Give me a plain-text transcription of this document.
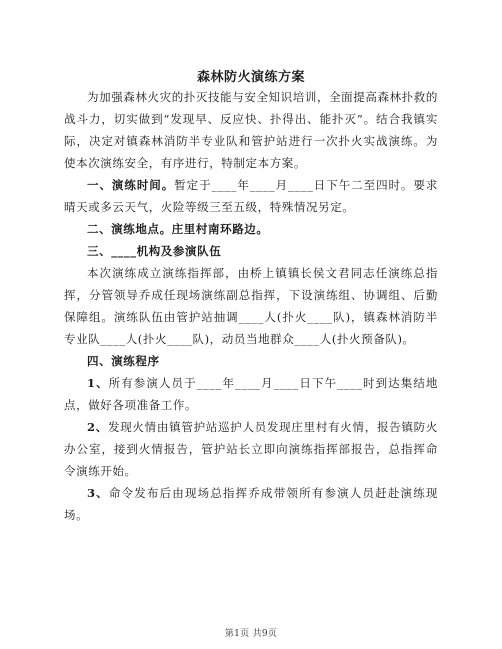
森林防火演练方案

为加强森林火灾的扑灭技能与安全知识培训，全面提高森林扑救的战斗力，切实做到“发现早、反应快、扑得出、能扑灭”。结合我镇实际，决定对镇森林消防半专业队和管护站进行一次扑火实战演练。为使本次演练安全，有序进行，特制定本方案。

一、演练时间。暂定于____年____月____日下午二至四时。要求晴天或多云天气，火险等级三至五级，特殊情况另定。

二、演练地点。庄里村南环路边。

三、____机构及参演队伍

本次演练成立演练指挥部，由桥上镇镇长侯文君同志任演练总指挥，分管领导乔成任现场演练副总指挥，下设演练组、协调组、后勤保障组。演练队伍由管护站抽调____人(扑火____队)，镇森林消防半专业队____人(扑火____队)，动员当地群众____人(扑火预备队)。

四、演练程序

1、所有参演人员于____年____月____日下午____时到达集结地点，做好各项准备工作。

2、发现火情由镇管护站巡护人员发现庄里村有火情，报告镇防火办公室，接到火情报告，管护站长立即向演练指挥部报告，总指挥命令演练开始。

3、命令发布后由现场总指挥乔成带领所有参演人员赶赴演练现场。

第1页 共9页
